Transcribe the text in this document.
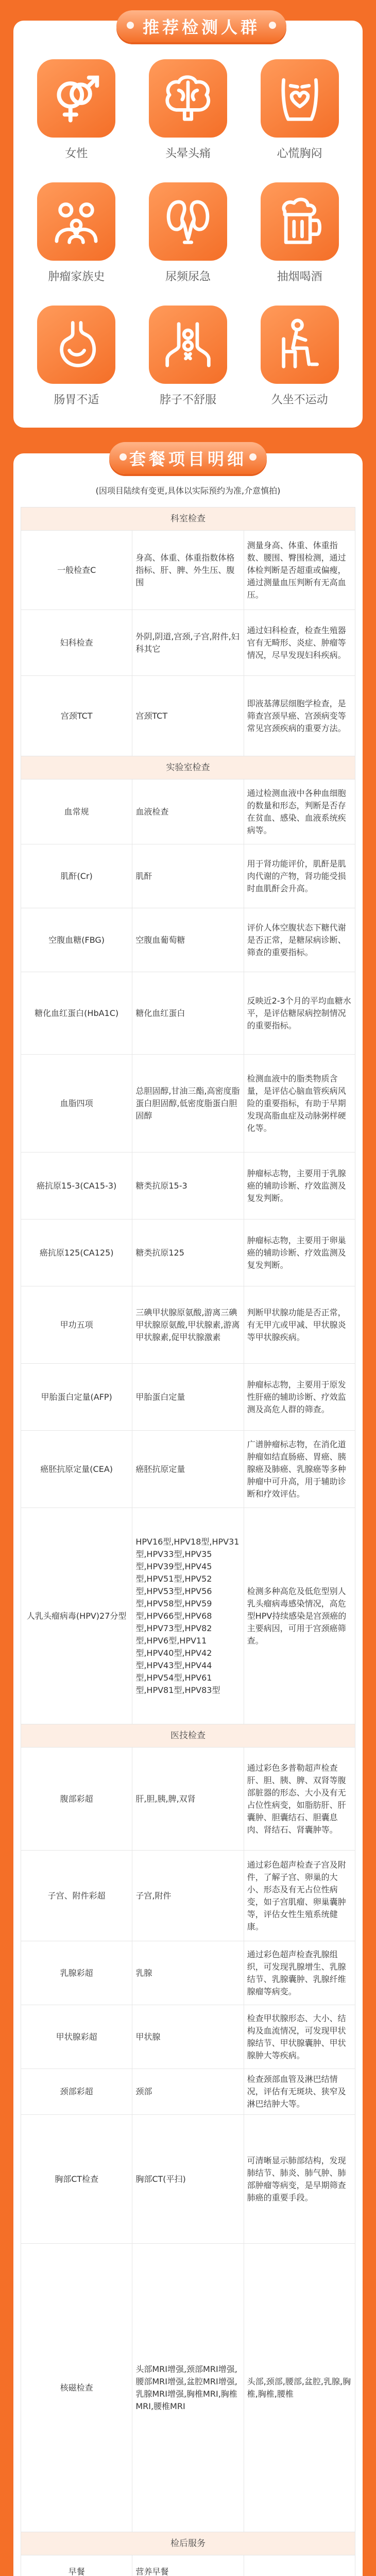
推荐检测人群
女性	头晕头痛	心慌胸闷
肿瘤家族史	尿频尿急	抽烟喝酒
肠胃不适	脖子不舒服	久坐不运动
套餐项目明细
(因项目陆续有变更,具体以实际预约为准,介意慎拍)
科室检查		
一般检查C	身高、体重、体重指数体格指标、肝、脾、外生压、腹围	测量身高、体重、体重指数、腰围、臀围检测，通过体检判断是否超重或偏瘦，通过测量血压判断有无高血压。
妇科检查	外阴,阴道,宫颈,子宫,附件,妇科其它	通过妇科检查，检查生殖器官有无畸形、炎症、肿瘤等情况，尽早发现妇科疾病。
宫颈TCT	宫颈TCT	即液基薄层细胞学检查，是筛查宫颈早癌、宫颈病变等常见宫颈疾病的重要方法。
实验室检查		
血常规	血液检查	通过检测血液中各种血细胞的数量和形态，判断是否存在贫血、感染、血液系统疾病等。
肌酐(Cr)	肌酐	用于肾功能评价，肌酐是肌肉代谢的产物，肾功能受损时血肌酐会升高。
空腹血糖(FBG)	空腹血葡萄糖	评价人体空腹状态下糖代谢是否正常，是糖尿病诊断、筛查的重要指标。
糖化血红蛋白(HbA1C)	糖化血红蛋白	反映近2-3个月的平均血糖水平，是评估糖尿病控制情况的重要指标。
血脂四项	总胆固醇,甘油三酯,高密度脂蛋白胆固醇,低密度脂蛋白胆固醇	检测血液中的脂类物质含量，是评估心脑血管疾病风险的重要指标，有助于早期发现高脂血症及动脉粥样硬化等。
癌抗原15-3(CA15-3)	糖类抗原15-3	肿瘤标志物，主要用于乳腺癌的辅助诊断、疗效监测及复发判断。
癌抗原125(CA125)	糖类抗原125	肿瘤标志物，主要用于卵巢癌的辅助诊断、疗效监测及复发判断。
甲功五项	三碘甲状腺原氨酸,游离三碘甲状腺原氨酸,甲状腺素,游离甲状腺素,促甲状腺激素	判断甲状腺功能是否正常，有无甲亢或甲减、甲状腺炎等甲状腺疾病。
甲胎蛋白定量(AFP)	甲胎蛋白定量	肿瘤标志物，主要用于原发性肝癌的辅助诊断、疗效监测及高危人群的筛查。
癌胚抗原定量(CEA)	癌胚抗原定量	广谱肿瘤标志物，在消化道肿瘤如结直肠癌、胃癌、胰腺癌及肺癌、乳腺癌等多种肿瘤中可升高，用于辅助诊断和疗效评估。
人乳头瘤病毒(HPV)27分型	HPV16型,HPV18型,HPV31型,HPV33型,HPV35型,HPV39型,HPV45型,HPV51型,HPV52型,HPV53型,HPV56型,HPV58型,HPV59型,HPV66型,HPV68型,HPV73型,HPV82型,HPV6型,HPV11型,HPV40型,HPV42型,HPV43型,HPV44型,HPV54型,HPV61型,HPV81型,HPV83型	检测多种高危及低危型别人乳头瘤病毒感染情况，高危型HPV持续感染是宫颈癌的主要病因，可用于宫颈癌筛查。
医技检查		
腹部彩超	肝,胆,胰,脾,双肾	通过彩色多普勒超声检查肝、胆、胰、脾、双肾等腹部脏器的形态、大小及有无占位性病变，如脂肪肝、肝囊肿、胆囊结石、胆囊息肉、肾结石、肾囊肿等。
子宫、附件彩超	子宫,附件	通过彩色超声检查子宫及附件，了解子宫、卵巢的大小、形态及有无占位性病变，如子宫肌瘤、卵巢囊肿等，评估女性生殖系统健康。
乳腺彩超	乳腺	通过彩色超声检查乳腺组织，可发现乳腺增生、乳腺结节、乳腺囊肿、乳腺纤维腺瘤等病变。
甲状腺彩超	甲状腺	检查甲状腺形态、大小、结构及血流情况，可发现甲状腺结节、甲状腺囊肿、甲状腺肿大等疾病。
颈部彩超	颈部	检查颈部血管及淋巴结情况，评估有无斑块、狭窄及淋巴结肿大等。
胸部CT检查	胸部CT(平扫)	可清晰显示肺部结构，发现肺结节、肺炎、肺气肿、肺部肿瘤等病变，是早期筛查肺癌的重要手段。
核磁检查	头部MRI增强,颈部MRI增强,腰部MRI增强,盆腔MRI增强,乳腺MRI增强,胸椎MRI,胸椎MRI,腰椎MRI	头部,颈部,腰部,盆腔,乳腺,胸椎,胸椎,腰椎
检后服务		
早餐	营养早餐	
